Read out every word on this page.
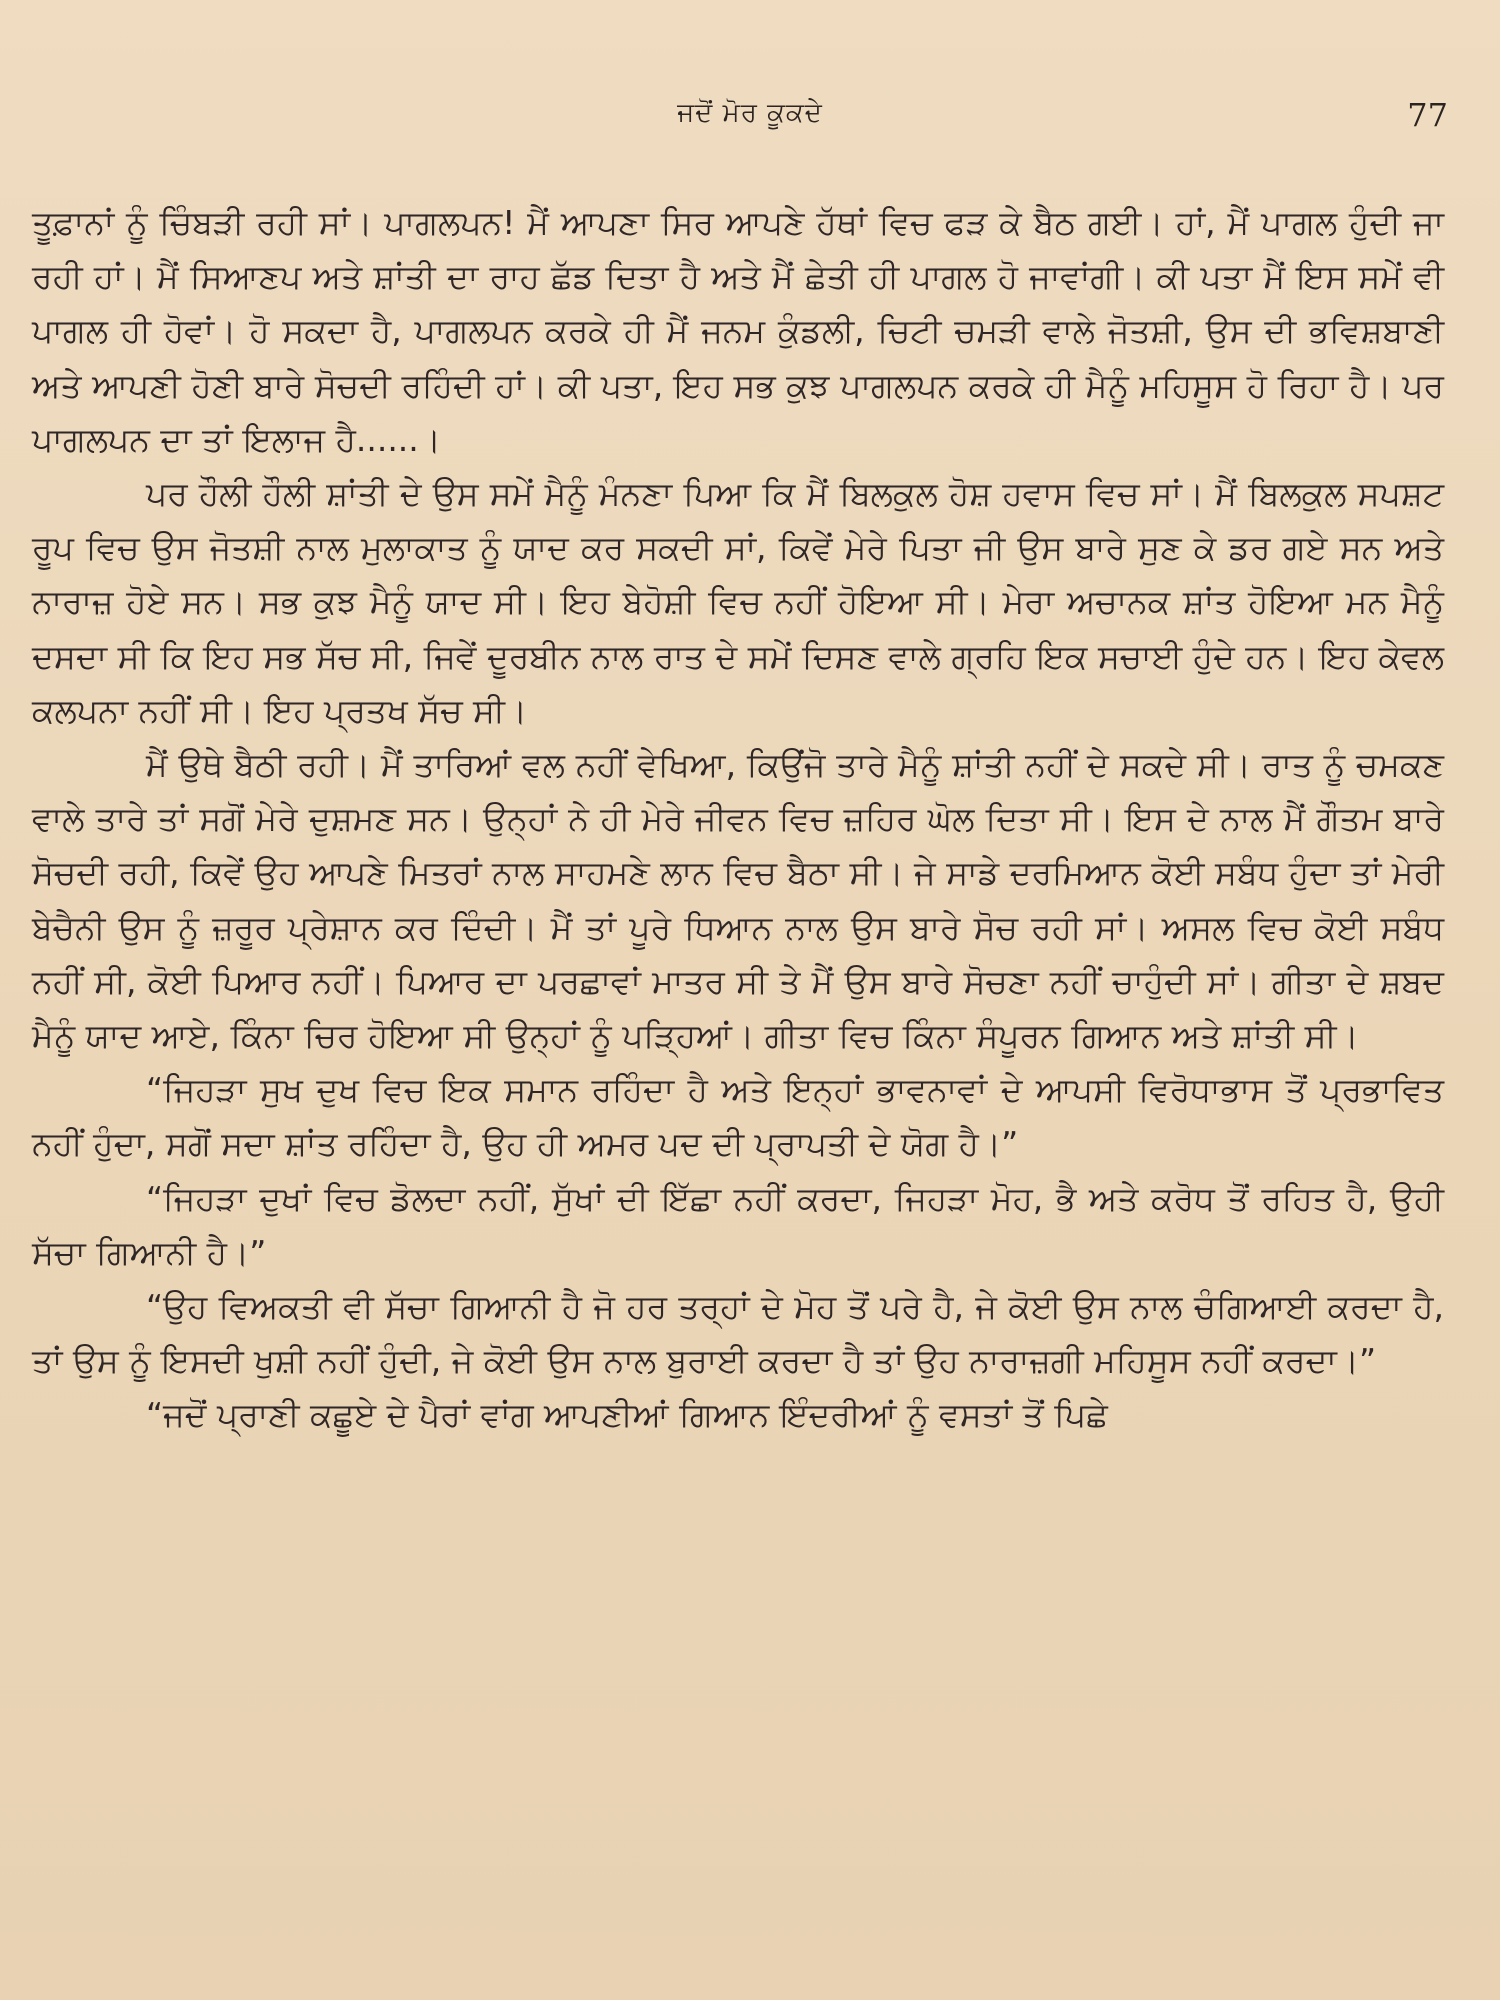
ਜਦੋਂ ਮੋਰ ਕੂਕਦੇ	77

ਤੂਫ਼ਾਨਾਂ ਨੂੰ ਚਿੰਬੜੀ ਰਹੀ ਸਾਂ। ਪਾਗਲਪਨ! ਮੈਂ ਆਪਣਾ ਸਿਰ ਆਪਣੇ ਹੱਥਾਂ ਵਿਚ ਫੜ ਕੇ ਬੈਠ ਗਈ। ਹਾਂ, ਮੈਂ ਪਾਗਲ ਹੁੰਦੀ ਜਾ ਰਹੀ ਹਾਂ। ਮੈਂ ਸਿਆਣਪ ਅਤੇ ਸ਼ਾਂਤੀ ਦਾ ਰਾਹ ਛੱਡ ਦਿਤਾ ਹੈ ਅਤੇ ਮੈਂ ਛੇਤੀ ਹੀ ਪਾਗਲ ਹੋ ਜਾਵਾਂਗੀ। ਕੀ ਪਤਾ ਮੈਂ ਇਸ ਸਮੇਂ ਵੀ ਪਾਗਲ ਹੀ ਹੋਵਾਂ। ਹੋ ਸਕਦਾ ਹੈ, ਪਾਗਲਪਨ ਕਰਕੇ ਹੀ ਮੈਂ ਜਨਮ ਕੁੰਡਲੀ, ਚਿਟੀ ਚਮੜੀ ਵਾਲੇ ਜੋਤਸ਼ੀ, ਉਸ ਦੀ ਭਵਿਸ਼ਬਾਣੀ ਅਤੇ ਆਪਣੀ ਹੋਣੀ ਬਾਰੇ ਸੋਚਦੀ ਰਹਿੰਦੀ ਹਾਂ। ਕੀ ਪਤਾ, ਇਹ ਸਭ ਕੁਝ ਪਾਗਲਪਨ ਕਰਕੇ ਹੀ ਮੈਨੂੰ ਮਹਿਸੂਸ ਹੋ ਰਿਹਾ ਹੈ। ਪਰ ਪਾਗਲਪਨ ਦਾ ਤਾਂ ਇਲਾਜ ਹੈ......।

ਪਰ ਹੌਲੀ ਹੌਲੀ ਸ਼ਾਂਤੀ ਦੇ ਉਸ ਸਮੇਂ ਮੈਨੂੰ ਮੰਨਣਾ ਪਿਆ ਕਿ ਮੈਂ ਬਿਲਕੁਲ ਹੋਸ਼ ਹਵਾਸ ਵਿਚ ਸਾਂ। ਮੈਂ ਬਿਲਕੁਲ ਸਪਸ਼ਟ ਰੂਪ ਵਿਚ ਉਸ ਜੋਤਸ਼ੀ ਨਾਲ ਮੁਲਾਕਾਤ ਨੂੰ ਯਾਦ ਕਰ ਸਕਦੀ ਸਾਂ, ਕਿਵੇਂ ਮੇਰੇ ਪਿਤਾ ਜੀ ਉਸ ਬਾਰੇ ਸੁਣ ਕੇ ਡਰ ਗਏ ਸਨ ਅਤੇ ਨਾਰਾਜ਼ ਹੋਏ ਸਨ। ਸਭ ਕੁਝ ਮੈਨੂੰ ਯਾਦ ਸੀ। ਇਹ ਬੇਹੋਸ਼ੀ ਵਿਚ ਨਹੀਂ ਹੋਇਆ ਸੀ। ਮੇਰਾ ਅਚਾਨਕ ਸ਼ਾਂਤ ਹੋਇਆ ਮਨ ਮੈਨੂੰ ਦਸਦਾ ਸੀ ਕਿ ਇਹ ਸਭ ਸੱਚ ਸੀ, ਜਿਵੇਂ ਦੂਰਬੀਨ ਨਾਲ ਰਾਤ ਦੇ ਸਮੇਂ ਦਿਸਣ ਵਾਲੇ ਗ੍ਰਹਿ ਇਕ ਸਚਾਈ ਹੁੰਦੇ ਹਨ। ਇਹ ਕੇਵਲ ਕਲਪਨਾ ਨਹੀਂ ਸੀ। ਇਹ ਪ੍ਰਤਖ ਸੱਚ ਸੀ।

ਮੈਂ ਉਥੇ ਬੈਠੀ ਰਹੀ। ਮੈਂ ਤਾਰਿਆਂ ਵਲ ਨਹੀਂ ਵੇਖਿਆ, ਕਿਉਂਜੋ ਤਾਰੇ ਮੈਨੂੰ ਸ਼ਾਂਤੀ ਨਹੀਂ ਦੇ ਸਕਦੇ ਸੀ। ਰਾਤ ਨੂੰ ਚਮਕਣ ਵਾਲੇ ਤਾਰੇ ਤਾਂ ਸਗੋਂ ਮੇਰੇ ਦੁਸ਼ਮਣ ਸਨ। ਉਨ੍ਹਾਂ ਨੇ ਹੀ ਮੇਰੇ ਜੀਵਨ ਵਿਚ ਜ਼ਹਿਰ ਘੋਲ ਦਿਤਾ ਸੀ। ਇਸ ਦੇ ਨਾਲ ਮੈਂ ਗੌਤਮ ਬਾਰੇ ਸੋਚਦੀ ਰਹੀ, ਕਿਵੇਂ ਉਹ ਆਪਣੇ ਮਿਤਰਾਂ ਨਾਲ ਸਾਹਮਣੇ ਲਾਨ ਵਿਚ ਬੈਠਾ ਸੀ। ਜੇ ਸਾਡੇ ਦਰਮਿਆਨ ਕੋਈ ਸਬੰਧ ਹੁੰਦਾ ਤਾਂ ਮੇਰੀ ਬੇਚੈਨੀ ਉਸ ਨੂੰ ਜ਼ਰੂਰ ਪ੍ਰੇਸ਼ਾਨ ਕਰ ਦਿੰਦੀ। ਮੈਂ ਤਾਂ ਪੂਰੇ ਧਿਆਨ ਨਾਲ ਉਸ ਬਾਰੇ ਸੋਚ ਰਹੀ ਸਾਂ। ਅਸਲ ਵਿਚ ਕੋਈ ਸਬੰਧ ਨਹੀਂ ਸੀ, ਕੋਈ ਪਿਆਰ ਨਹੀਂ। ਪਿਆਰ ਦਾ ਪਰਛਾਵਾਂ ਮਾਤਰ ਸੀ ਤੇ ਮੈਂ ਉਸ ਬਾਰੇ ਸੋਚਣਾ ਨਹੀਂ ਚਾਹੁੰਦੀ ਸਾਂ। ਗੀਤਾ ਦੇ ਸ਼ਬਦ ਮੈਨੂੰ ਯਾਦ ਆਏ, ਕਿੰਨਾ ਚਿਰ ਹੋਇਆ ਸੀ ਉਨ੍ਹਾਂ ਨੂੰ ਪੜ੍ਹਿਆਂ। ਗੀਤਾ ਵਿਚ ਕਿੰਨਾ ਸੰਪੂਰਨ ਗਿਆਨ ਅਤੇ ਸ਼ਾਂਤੀ ਸੀ।

“ਜਿਹੜਾ ਸੁਖ ਦੁਖ ਵਿਚ ਇਕ ਸਮਾਨ ਰਹਿੰਦਾ ਹੈ ਅਤੇ ਇਨ੍ਹਾਂ ਭਾਵਨਾਵਾਂ ਦੇ ਆਪਸੀ ਵਿਰੋਧਾਭਾਸ ਤੋਂ ਪ੍ਰਭਾਵਿਤ ਨਹੀਂ ਹੁੰਦਾ, ਸਗੋਂ ਸਦਾ ਸ਼ਾਂਤ ਰਹਿੰਦਾ ਹੈ, ਉਹ ਹੀ ਅਮਰ ਪਦ ਦੀ ਪ੍ਰਾਪਤੀ ਦੇ ਯੋਗ ਹੈ।”

“ਜਿਹੜਾ ਦੁਖਾਂ ਵਿਚ ਡੋਲਦਾ ਨਹੀਂ, ਸੁੱਖਾਂ ਦੀ ਇੱਛਾ ਨਹੀਂ ਕਰਦਾ, ਜਿਹੜਾ ਮੋਹ, ਭੈ ਅਤੇ ਕਰੋਧ ਤੋਂ ਰਹਿਤ ਹੈ, ਉਹੀ ਸੱਚਾ ਗਿਆਨੀ ਹੈ।”

“ਉਹ ਵਿਅਕਤੀ ਵੀ ਸੱਚਾ ਗਿਆਨੀ ਹੈ ਜੋ ਹਰ ਤਰ੍ਹਾਂ ਦੇ ਮੋਹ ਤੋਂ ਪਰੇ ਹੈ, ਜੇ ਕੋਈ ਉਸ ਨਾਲ ਚੰਗਿਆਈ ਕਰਦਾ ਹੈ, ਤਾਂ ਉਸ ਨੂੰ ਇਸਦੀ ਖੁਸ਼ੀ ਨਹੀਂ ਹੁੰਦੀ, ਜੇ ਕੋਈ ਉਸ ਨਾਲ ਬੁਰਾਈ ਕਰਦਾ ਹੈ ਤਾਂ ਉਹ ਨਾਰਾਜ਼ਗੀ ਮਹਿਸੂਸ ਨਹੀਂ ਕਰਦਾ।”

“ਜਦੋਂ ਪ੍ਰਾਣੀ ਕਛੂਏ ਦੇ ਪੈਰਾਂ ਵਾਂਗ ਆਪਣੀਆਂ ਗਿਆਨ ਇੰਦਰੀਆਂ ਨੂੰ ਵਸਤਾਂ ਤੋਂ ਪਿਛੇ
